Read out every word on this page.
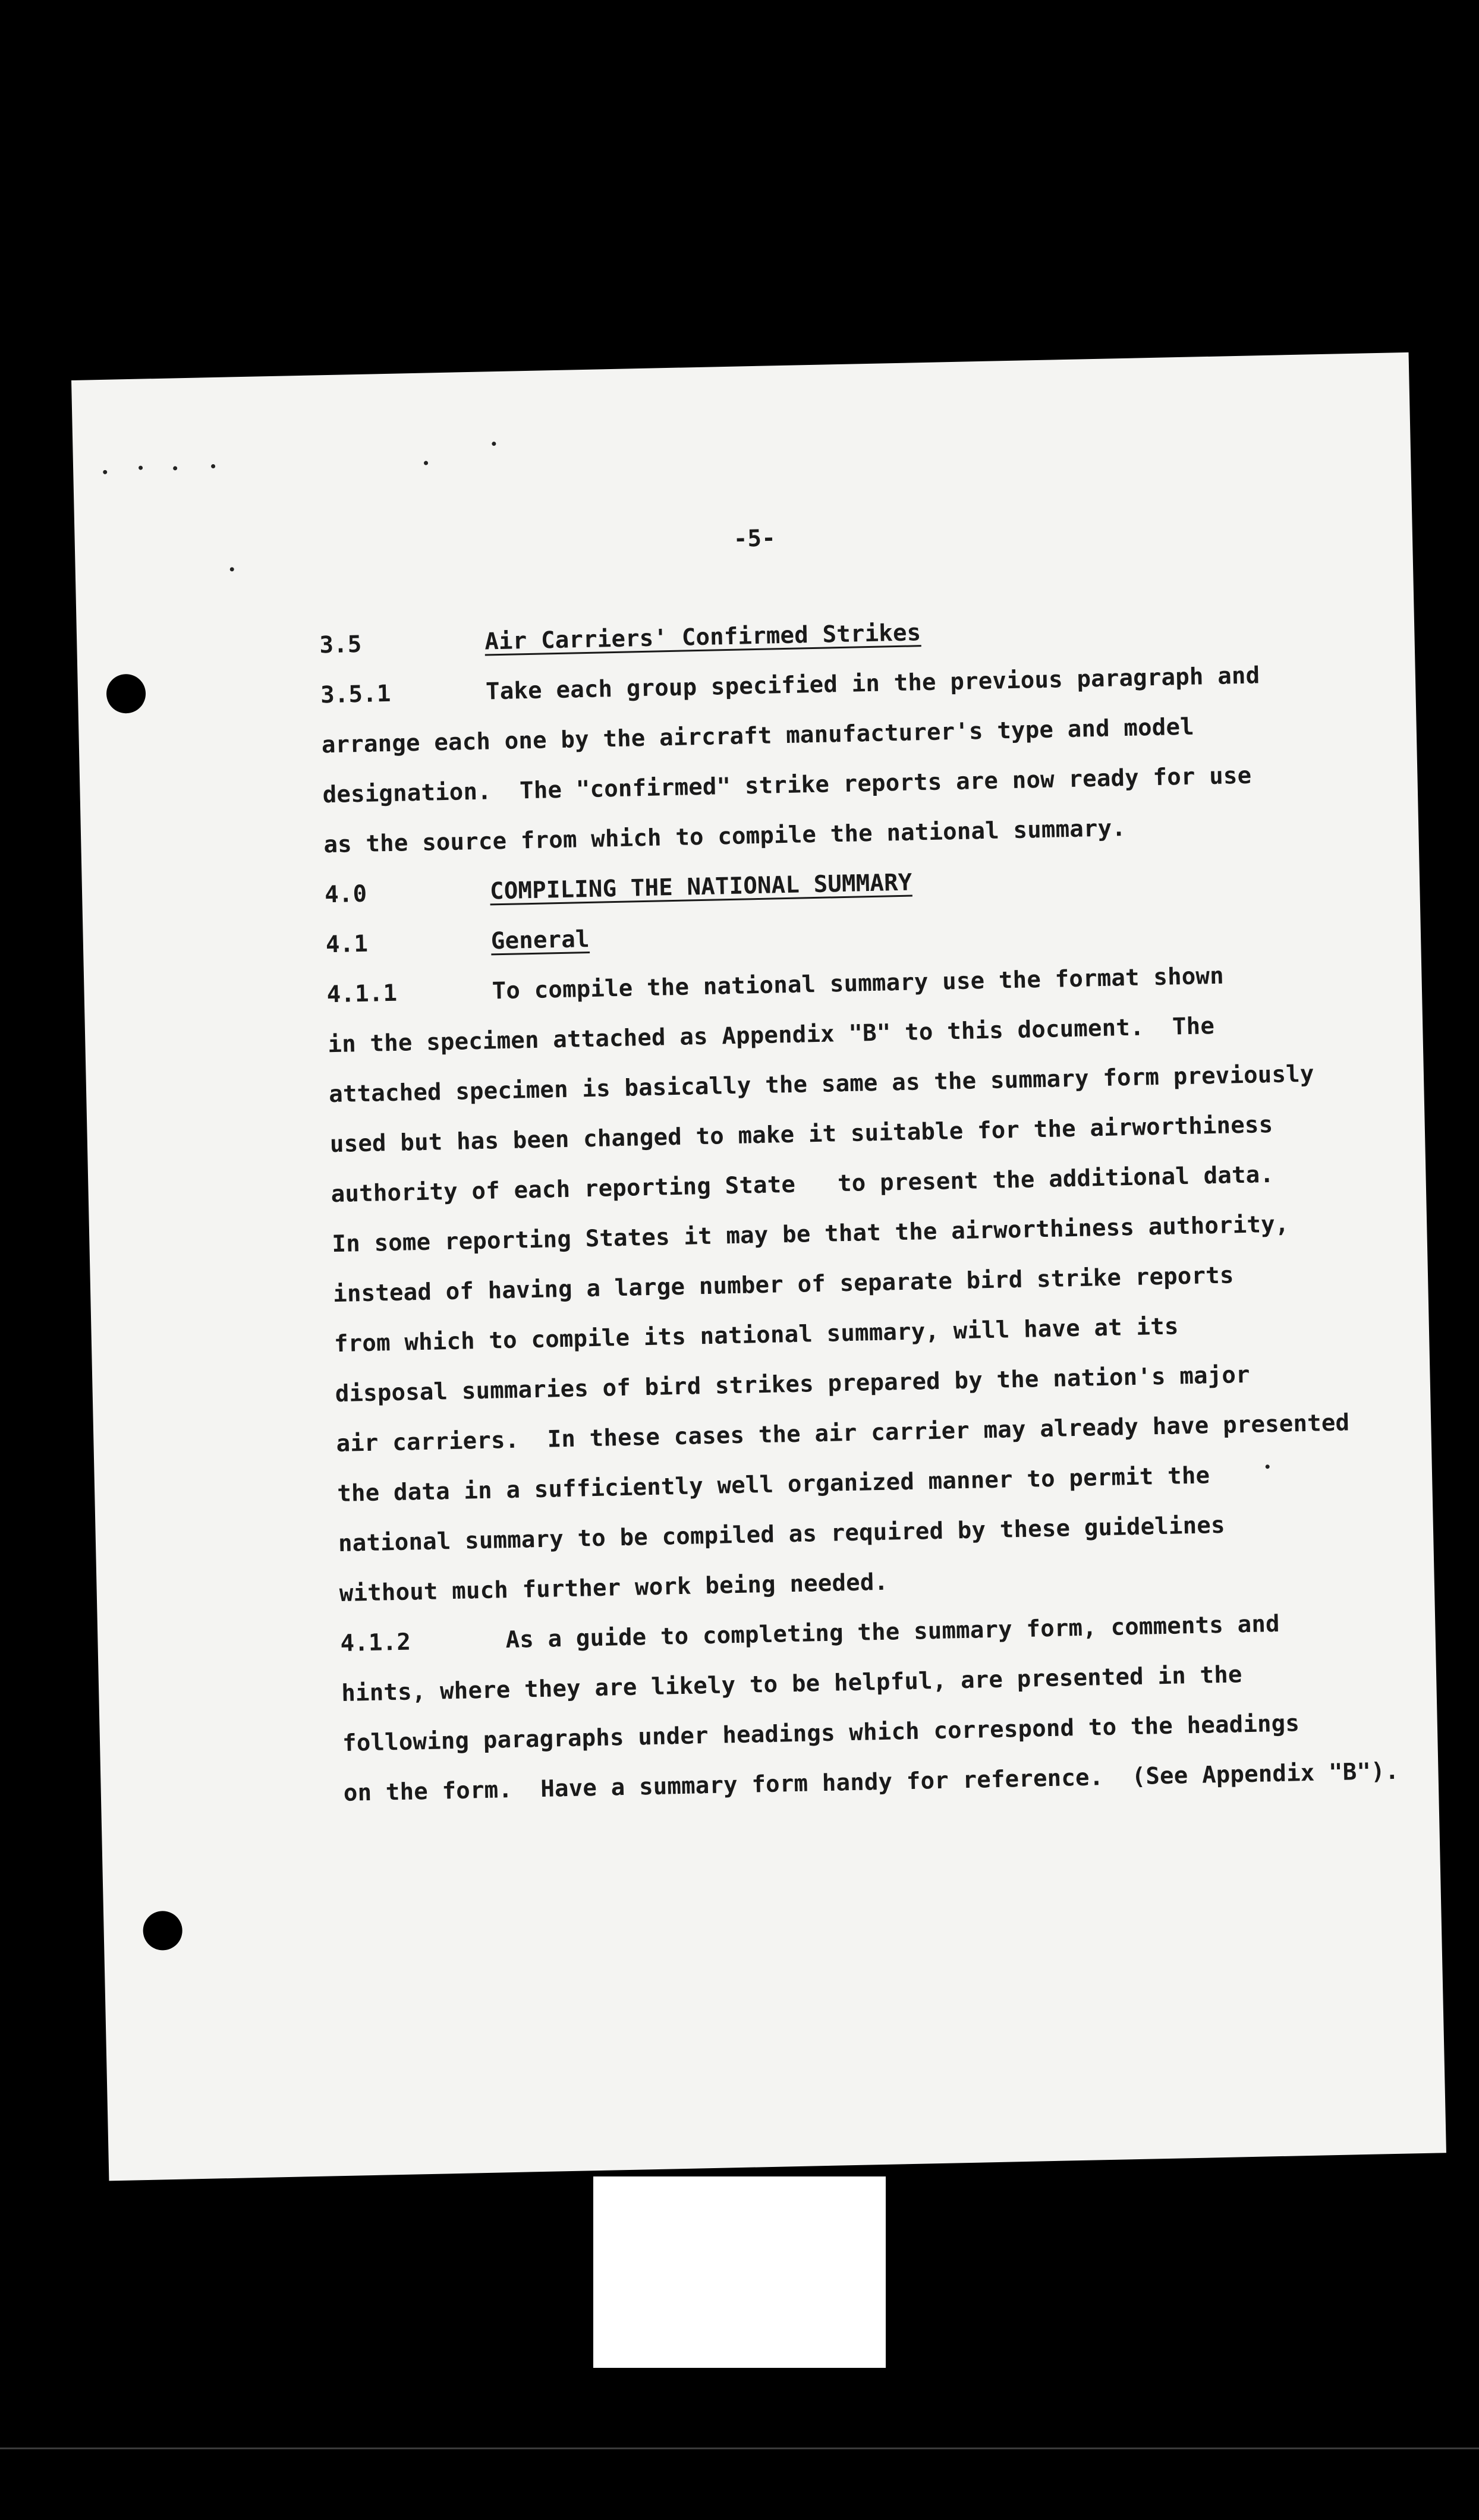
-5-
3.5	Air Carriers' Confirmed Strikes
3.5.1	Take each group specified in the previous paragraph and
arrange each one by the aircraft manufacturer's type and model
designation.  The "confirmed" strike reports are now ready for use
as the source from which to compile the national summary.
4.0	COMPILING THE NATIONAL SUMMARY
4.1	General
4.1.1	To compile the national summary use the format shown
in the specimen attached as Appendix "B" to this document.  The
attached specimen is basically the same as the summary form previously
used but has been changed to make it suitable for the airworthiness
authority of each reporting State   to present the additional data.
In some reporting States it may be that the airworthiness authority,
instead of having a large number of separate bird strike reports
from which to compile its national summary, will have at its
disposal summaries of bird strikes prepared by the nation's major
air carriers.  In these cases the air carrier may already have presented
the data in a sufficiently well organized manner to permit the
national summary to be compiled as required by these guidelines
without much further work being needed.
4.1.2	As a guide to completing the summary form, comments and
hints, where they are likely to be helpful, are presented in the
following paragraphs under headings which correspond to the headings
on the form.  Have a summary form handy for reference.  (See Appendix "B").
